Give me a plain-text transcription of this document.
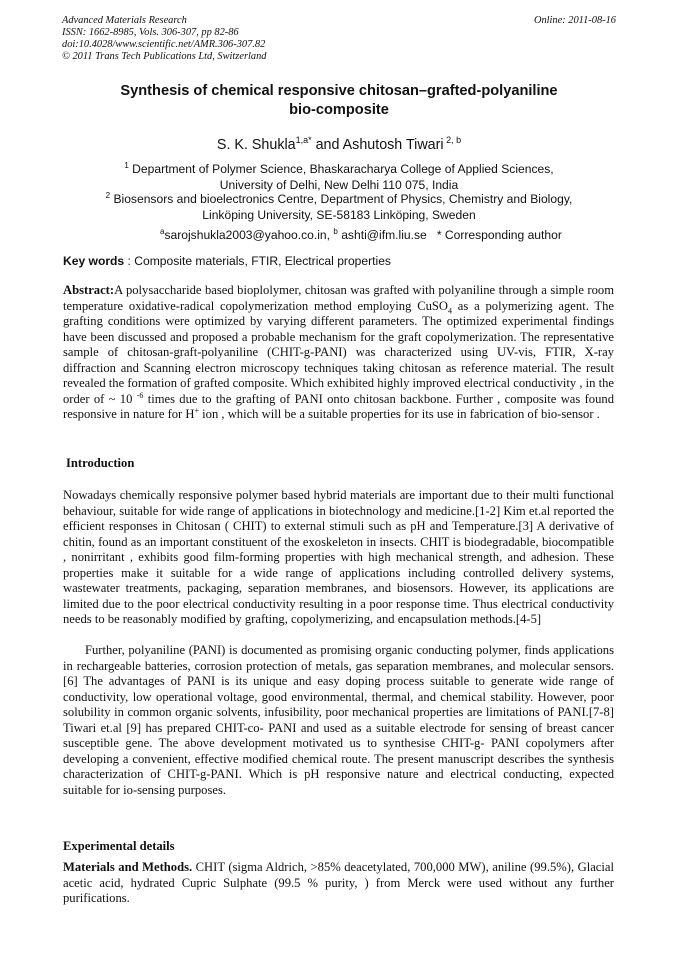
Advanced Materials Research
ISSN: 1662-8985, Vols. 306-307, pp 82-86
doi:10.4028/www.scientific.net/AMR.306-307.82
© 2011 Trans Tech Publications Ltd, Switzerland
Online: 2011-08-16
Synthesis of chemical responsive chitosan–grafted-polyaniline
bio-composite
S. K. Shukla$^{1,a*}$ and Ashutosh Tiwari $^{2, b}$
$^1$ Department of Polymer Science, Bhaskaracharya College of Applied Sciences,
University of Delhi, New Delhi 110 075, India
$^2$ Biosensors and bioelectronics Centre, Department of Physics, Chemistry and Biology,
Linköping University, SE-58183 Linköping, Sweden
$^a$sarojshukla2003@yahoo.co.in, $^b$ ashti@ifm.liu.se   * Corresponding author
Key words : Composite materials, FTIR, Electrical properties
Abstract:A polysaccharide based bioplolymer, chitosan was grafted with polyaniline through a simple room temperature oxidative-radical copolymerization method employing CuSO$_4$ as a polymerizing agent. The grafting conditions were optimized by varying different parameters. The optimized experimental findings have been discussed and proposed a probable mechanism for the graft copolymerization. The representative sample of chitosan-graft-polyaniline (CHIT-g-PANI) was characterized using UV-vis, FTIR, X-ray diffraction and Scanning electron microscopy techniques taking chitosan as reference material. The result revealed the formation of grafted composite. Which exhibited highly improved electrical conductivity , in the order of ~ 10 $^{-6}$ times due to the grafting of PANI onto chitosan backbone. Further , composite was found responsive in nature for H+ ion , which will be a suitable properties for its use in fabrication of bio-sensor .
Introduction
Nowadays chemically responsive polymer based hybrid materials are important due to their multi functional behaviour, suitable for wide range of applications in biotechnology and medicine.[1-2] Kim et.al reported the efficient responses in Chitosan ( CHIT) to external stimuli such as pH and Temperature.[3] A derivative of chitin, found as an important constituent of the exoskeleton in insects. CHIT is biodegradable, biocompatible , nonirritant , exhibits good film-forming properties with high mechanical strength, and adhesion. These properties make it suitable for a wide range of applications including controlled delivery systems, wastewater treatments, packaging, separation membranes, and biosensors. However, its applications are limited due to the poor electrical conductivity resulting in a poor response time. Thus electrical conductivity needs to be reasonably modified by grafting, copolymerizing, and encapsulation methods.[4-5]
Further, polyaniline (PANI) is documented as promising organic conducting polymer, finds applications in rechargeable batteries, corrosion protection of metals, gas separation membranes, and molecular sensors.[6] The advantages of PANI is its unique and easy doping process suitable to generate wide range of conductivity, low operational voltage, good environmental, thermal, and chemical stability. However, poor solubility in common organic solvents, infusibility, poor mechanical properties are limitations of PANI.[7-8] Tiwari et.al [9] has prepared CHIT-co- PANI and used as a suitable electrode for sensing of breast cancer susceptible gene. The above development motivated us to synthesise CHIT-g- PANI copolymers after developing a convenient, effective modified chemical route. The present manuscript describes the synthesis characterization of CHIT-g-PANI. Which is pH responsive nature and electrical conducting, expected suitable for io-sensing purposes.
Experimental details
Materials and Methods. CHIT (sigma Aldrich, >85% deacetylated, 700,000 MW), aniline (99.5%), Glacial acetic acid, hydrated Cupric Sulphate (99.5 % purity, ) from Merck were used without any further purifications.
